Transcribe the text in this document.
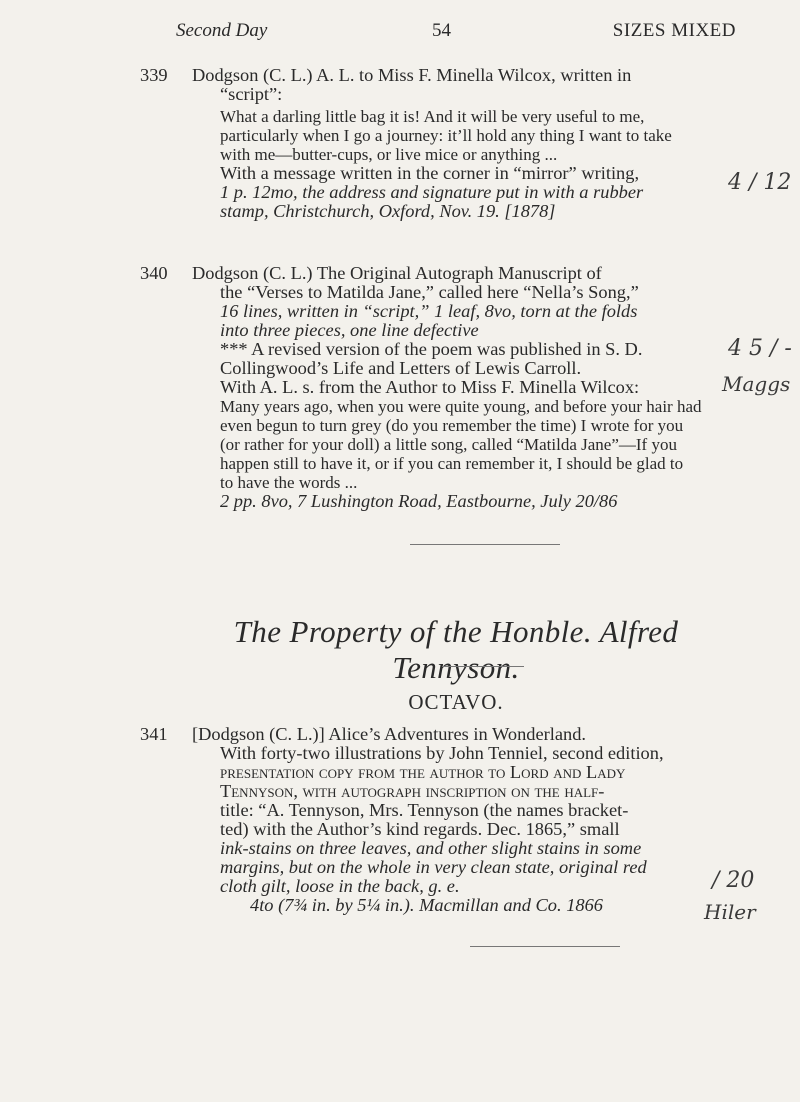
Second Day	54	SIZES MIXED
339	Dodgson (C. L.) A. L. to Miss F. Minella Wilcox, written in

“script”:

What a darling little bag it is! And it will be very useful to me,

particularly when I go a journey: it’ll hold any thing I want to take

with me—butter-cups, or live mice or anything ...

With a message written in the corner in “mirror” writing,

1 p. 12mo, the address and signature put in with a rubber

stamp, Christchurch, Oxford, Nov. 19. [1878]

340	Dodgson (C. L.) The Original Autograph Manuscript of

the “Verses to Matilda Jane,” called here “Nella’s Song,”

16 lines, written in “script,” 1 leaf, 8vo, torn at the folds

into three pieces, one line defective

*** A revised version of the poem was published in S. D.

Collingwood’s Life and Letters of Lewis Carroll.

With A. L. s. from the Author to Miss F. Minella Wilcox:

Many years ago, when you were quite young, and before your hair had

even begun to turn grey (do you remember the time) I wrote for you

(or rather for your doll) a little song, called “Matilda Jane”—If you

happen still to have it, or if you can remember it, I should be glad to

to have the words ...

2 pp. 8vo, 7 Lushington Road, Eastbourne, July 20/86

The Property of the Honble. Alfred Tennyson.
OCTAVO.
341	[Dodgson (C. L.)] Alice’s Adventures in Wonderland.

With forty-two illustrations by John Tenniel, second edition,

presentation copy from the author to Lord and Lady

Tennyson, with autograph inscription on the half-

title: “A. Tennyson, Mrs. Tennyson (the names bracket-

ted) with the Author’s kind regards. Dec. 1865,” small

ink-stains on three leaves, and other slight stains in some

margins, but on the whole in very clean state, original red

cloth gilt, loose in the back, g. e.

4to (7¾ in. by 5¼ in.). Macmillan and Co. 1866

4 / 12
4 5 / -
Maggs
/ 20
Hiler
